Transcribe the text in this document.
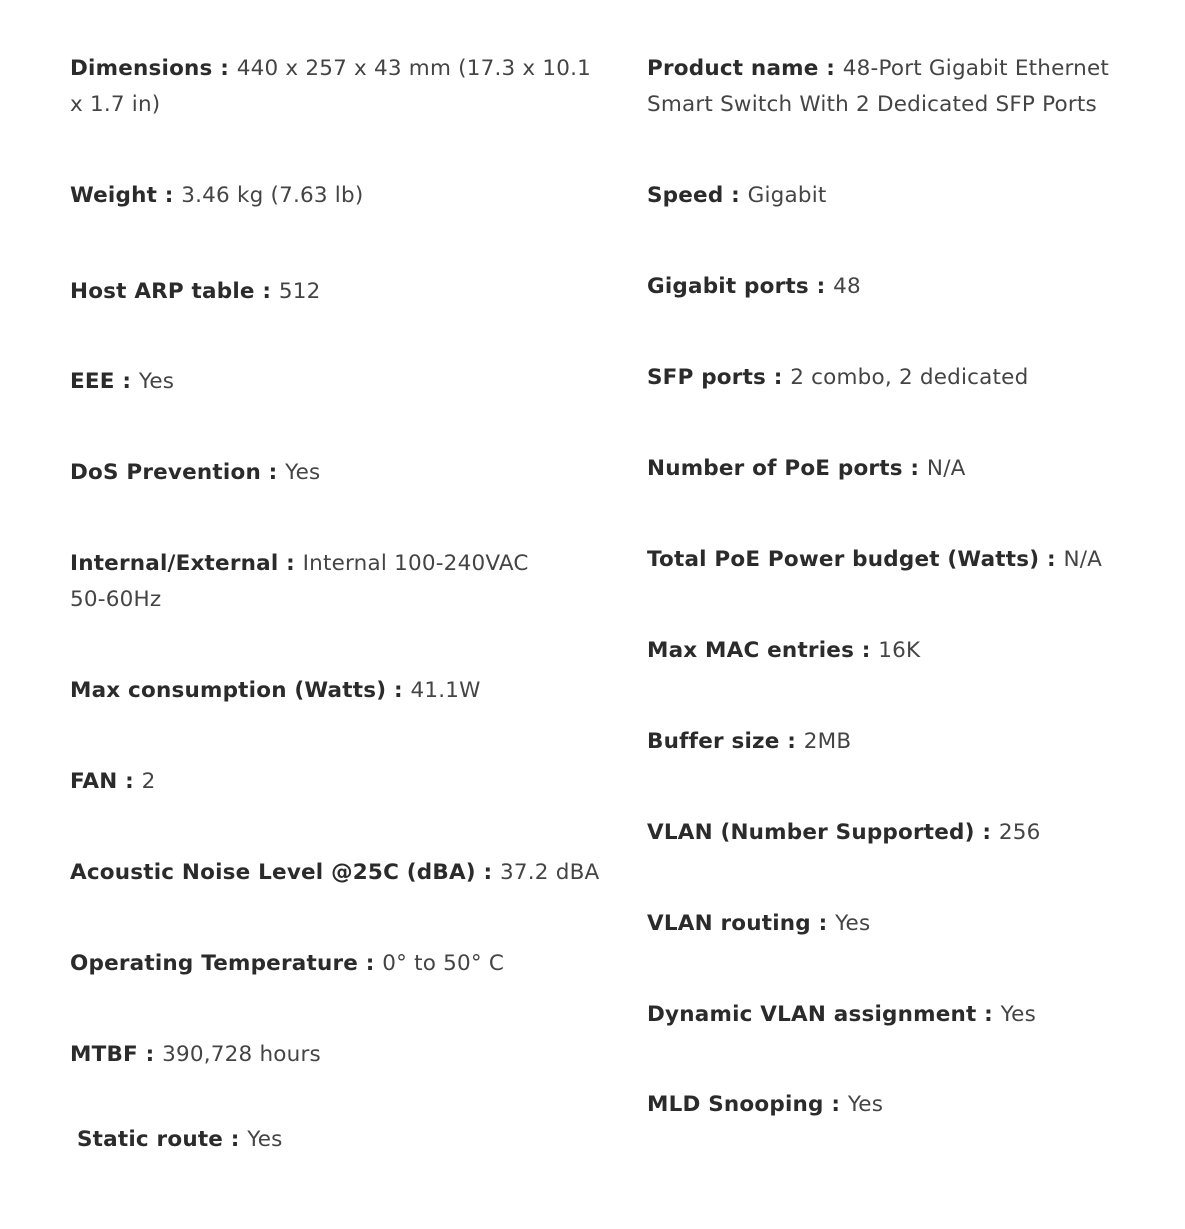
Dimensions : 440 x 257 x 43 mm (17.3 x 10.1 x 1.7 in)

Weight : 3.46 kg (7.63 lb)

Host ARP table : 512

EEE : Yes

DoS Prevention : Yes

Internal/External : Internal 100-240VAC 50-60Hz

Max consumption (Watts) : 41.1W

FAN : 2

Acoustic Noise Level @25C (dBA) : 37.2 dBA

Operating Temperature : 0° to 50° C

MTBF : 390,728 hours

Static route : Yes

Product name : 48-Port Gigabit Ethernet Smart Switch With 2 Dedicated SFP Ports

Speed : Gigabit

Gigabit ports : 48

SFP ports : 2 combo, 2 dedicated

Number of PoE ports : N/A

Total PoE Power budget (Watts) : N/A

Max MAC entries : 16K

Buffer size : 2MB

VLAN (Number Supported) : 256

VLAN routing : Yes

Dynamic VLAN assignment : Yes

MLD Snooping : Yes
